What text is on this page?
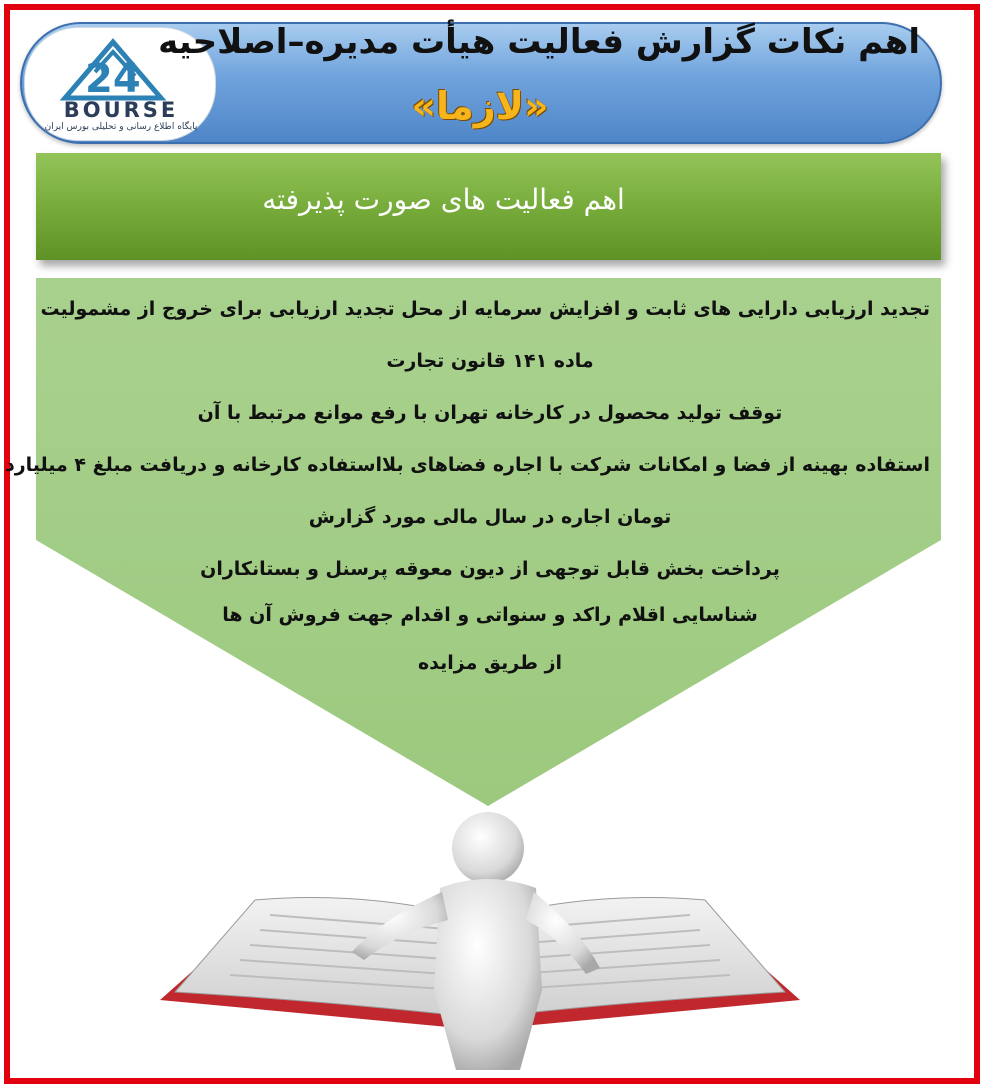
24
BOURSE
پایگاه اطلاع رسانی و تحلیلی بورس ایران
اهم نکات گزارش فعالیت هیأت مدیره–اصلاحیه
«لازما»
اهم فعالیت های صورت پذیرفته
تجدید ارزیابی دارایی های ثابت و افزایش سرمایه از محل تجدید ارزیابی برای خروج از مشمولیت
ماده ۱۴۱ قانون تجارت
توقف تولید محصول در کارخانه تهران با رفع موانع مرتبط با آن
استفاده بهینه از فضا و امکانات شرکت با اجاره فضاهای بلااستفاده کارخانه و دریافت مبلغ ۴ میلیارد
تومان اجاره در سال مالی مورد گزارش
پرداخت بخش قابل توجهی از دیون معوقه پرسنل و بستانکاران
شناسایی اقلام راکد و سنواتی و اقدام جهت فروش آن ها
از طریق مزایده
